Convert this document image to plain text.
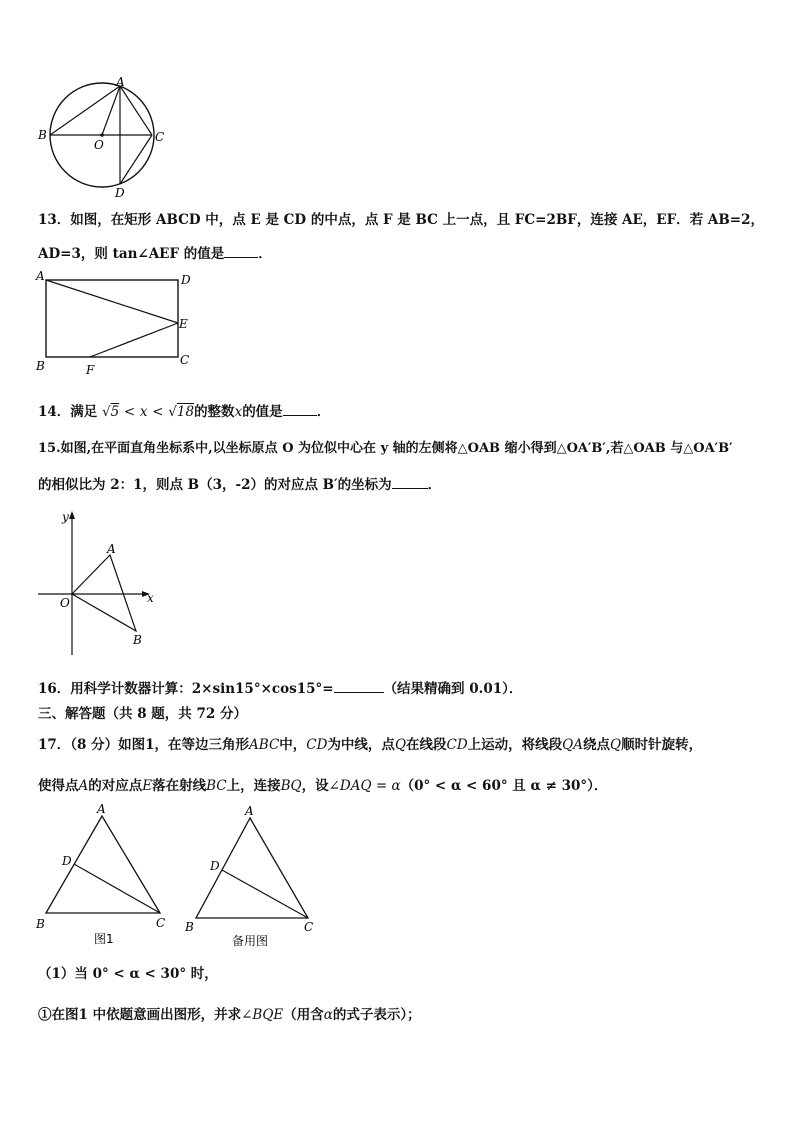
A
B	C
O
D
13．如图，在矩形 ABCD 中，点 E 是 CD 的中点，点 F 是 BC 上一点，且 FC=2BF，连接 AE，EF．若 AB=2，
AD=3，则 tan∠AEF 的值是	．
A	D
E
B	C
F
14．满足 √5 < x < √18的整数x的值是	．
15.如图,在平面直角坐标系中,以坐标原点 O 为位似中心在 y 轴的左侧将△OAB 缩小得到△OA′B′,若△OAB 与△OA′B′
的相似比为 2：1，则点 B（3，-2）的对应点 B′的坐标为	．
y
x
O
A
B
16．用科学计数器计算：2×sin15°×cos15°=	（结果精确到 0.01）．
三、解答题（共 8 题，共 72 分）
17．（8 分）如图1，在等边三角形ABC中，CD为中线，点Q在线段CD上运动，将线段QA绕点Q顺时针旋转，
使得点A的对应点E落在射线BC上，连接BQ，设∠DAQ = α（0° < α < 60° 且 α ≠ 30°）．
A
D
B	C
图1
A
D
B	C
备用图
（1）当 0° < α < 30° 时，
①在图1 中依题意画出图形，并求∠BQE（用含α的式子表示）；
